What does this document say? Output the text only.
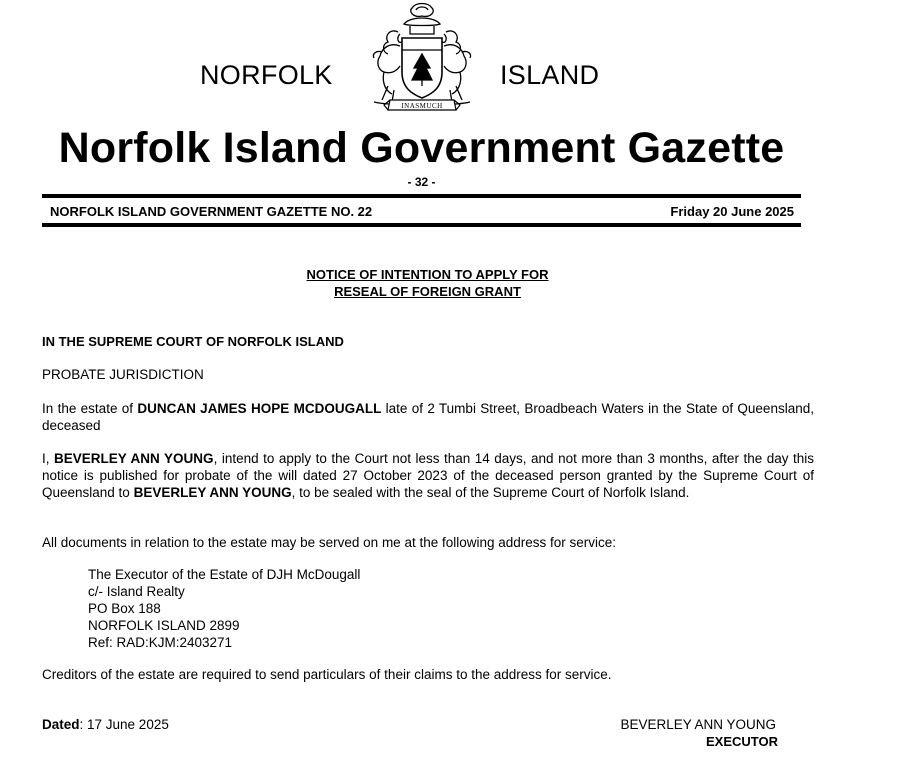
NORFOLK	ISLAND
INASMUCH
Norfolk Island Government Gazette
- 32 -
NORFOLK ISLAND GOVERNMENT GAZETTE NO. 22	Friday 20 June 2025
NOTICE OF INTENTION TO APPLY FOR
RESEAL OF FOREIGN GRANT

IN THE SUPREME COURT OF NORFOLK ISLAND

PROBATE JURISDICTION

In the estate of DUNCAN JAMES HOPE MCDOUGALL late of 2 Tumbi Street, Broadbeach Waters in the State of Queensland, deceased

I, BEVERLEY ANN YOUNG, intend to apply to the Court not less than 14 days, and not more than 3 months, after the day this notice is published for probate of the will dated 27 October 2023 of the deceased person granted by the Supreme Court of Queensland to BEVERLEY ANN YOUNG, to be sealed with the seal of the Supreme Court of Norfolk Island.

All documents in relation to the estate may be served on me at the following address for service:

The Executor of the Estate of DJH McDougall
c/- Island Realty
PO Box 188
NORFOLK ISLAND 2899
Ref: RAD:KJM:2403271

Creditors of the estate are required to send particulars of their claims to the address for service.

Dated: 17 June 2025	BEVERLEY ANN YOUNG

EXECUTOR
